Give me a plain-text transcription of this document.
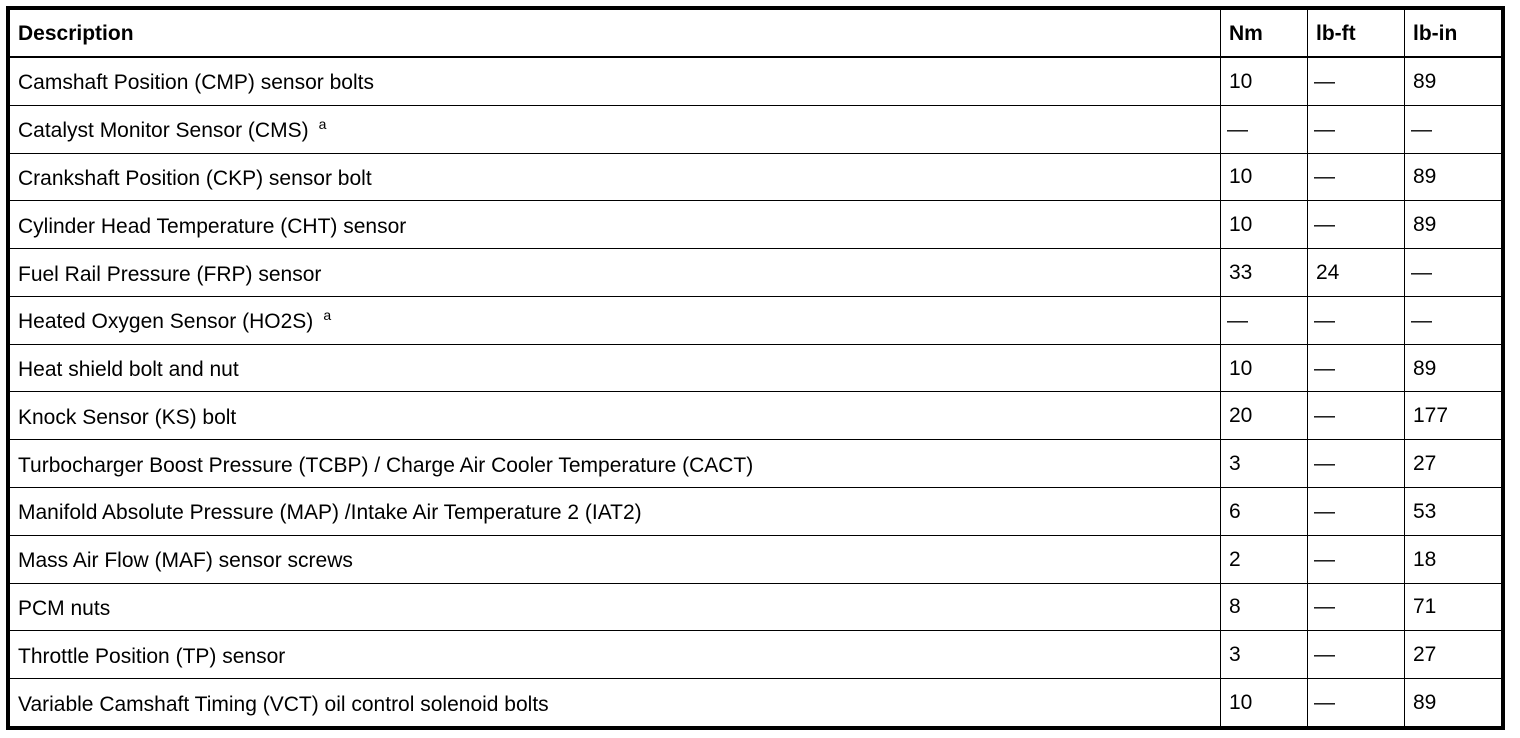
Description	Nm	lb-ft	lb-in
Camshaft Position (CMP) sensor bolts	10	—	89
Catalyst Monitor Sensor (CMS) $^a$	—	—	—
Crankshaft Position (CKP) sensor bolt	10	—	89
Cylinder Head Temperature (CHT) sensor	10	—	89
Fuel Rail Pressure (FRP) sensor	33	24	—
Heated Oxygen Sensor (HO2S) $^a$	—	—	—
Heat shield bolt and nut	10	—	89
Knock Sensor (KS) bolt	20	—	177
Turbocharger Boost Pressure (TCBP) / Charge Air Cooler Temperature (CACT)	3	—	27
Manifold Absolute Pressure (MAP) /Intake Air Temperature 2 (IAT2)	6	—	53
Mass Air Flow (MAF) sensor screws	2	—	18
PCM nuts	8	—	71
Throttle Position (TP) sensor	3	—	27
Variable Camshaft Timing (VCT) oil control solenoid bolts	10	—	89
